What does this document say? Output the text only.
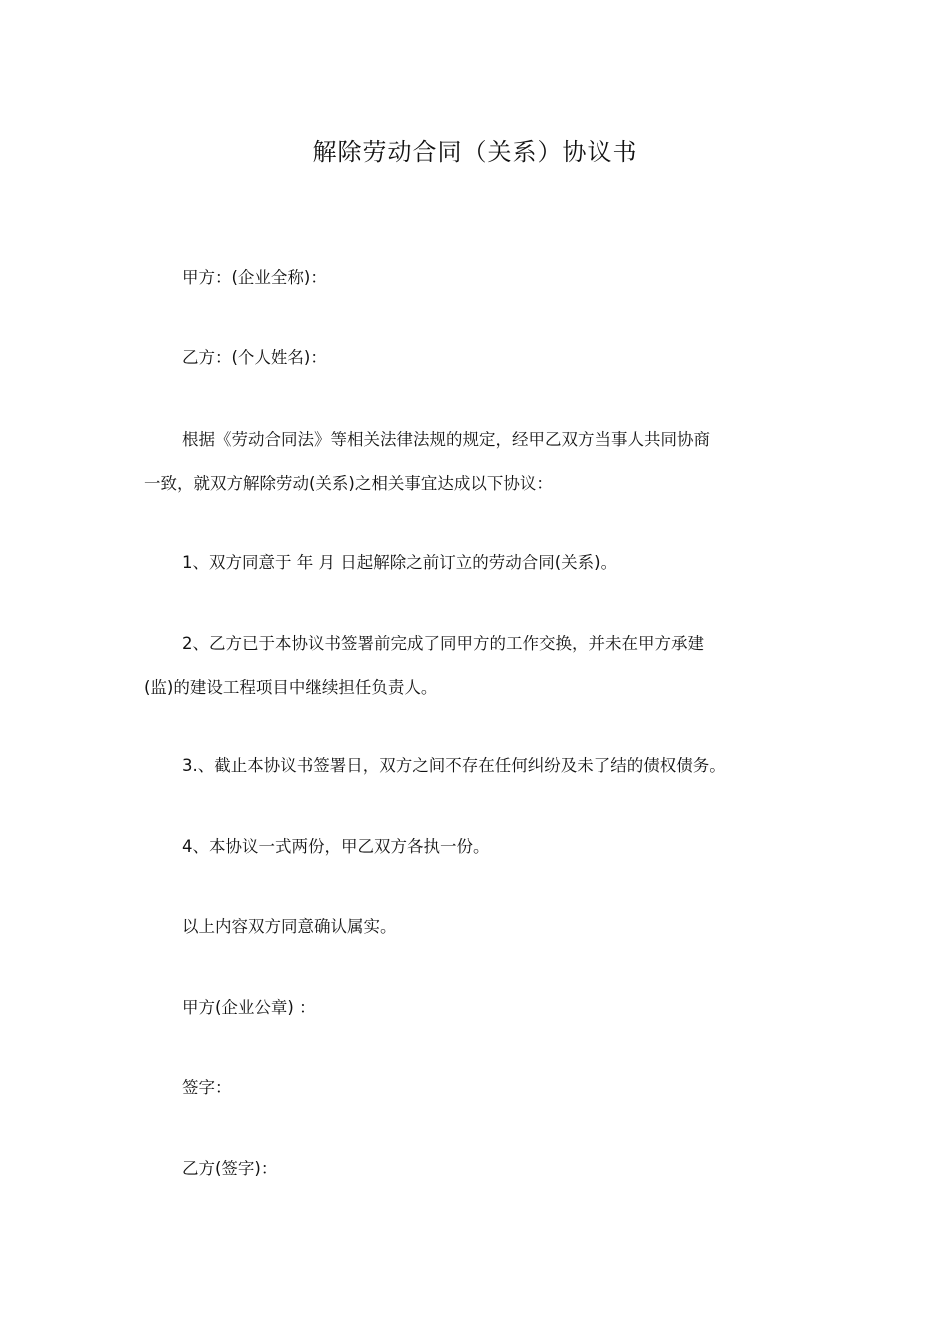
解除劳动合同（关系）协议书

甲方：(企业全称)：

乙方：(个人姓名)：

根据《劳动合同法》等相关法律法规的规定，经甲乙双方当事人共同协商
一致，就双方解除劳动(关系)之相关事宜达成以下协议：

1、双方同意于 年 月 日起解除之前订立的劳动合同(关系)。

2、乙方已于本协议书签署前完成了同甲方的工作交换，并未在甲方承建
(监)的建设工程项目中继续担任负责人。

3.、截止本协议书签署日，双方之间不存在任何纠纷及未了结的债权债务。

4、本协议一式两份，甲乙双方各执一份。

以上内容双方同意确认属实。

甲方(企业公章) ：

签字：

乙方(签字)：
